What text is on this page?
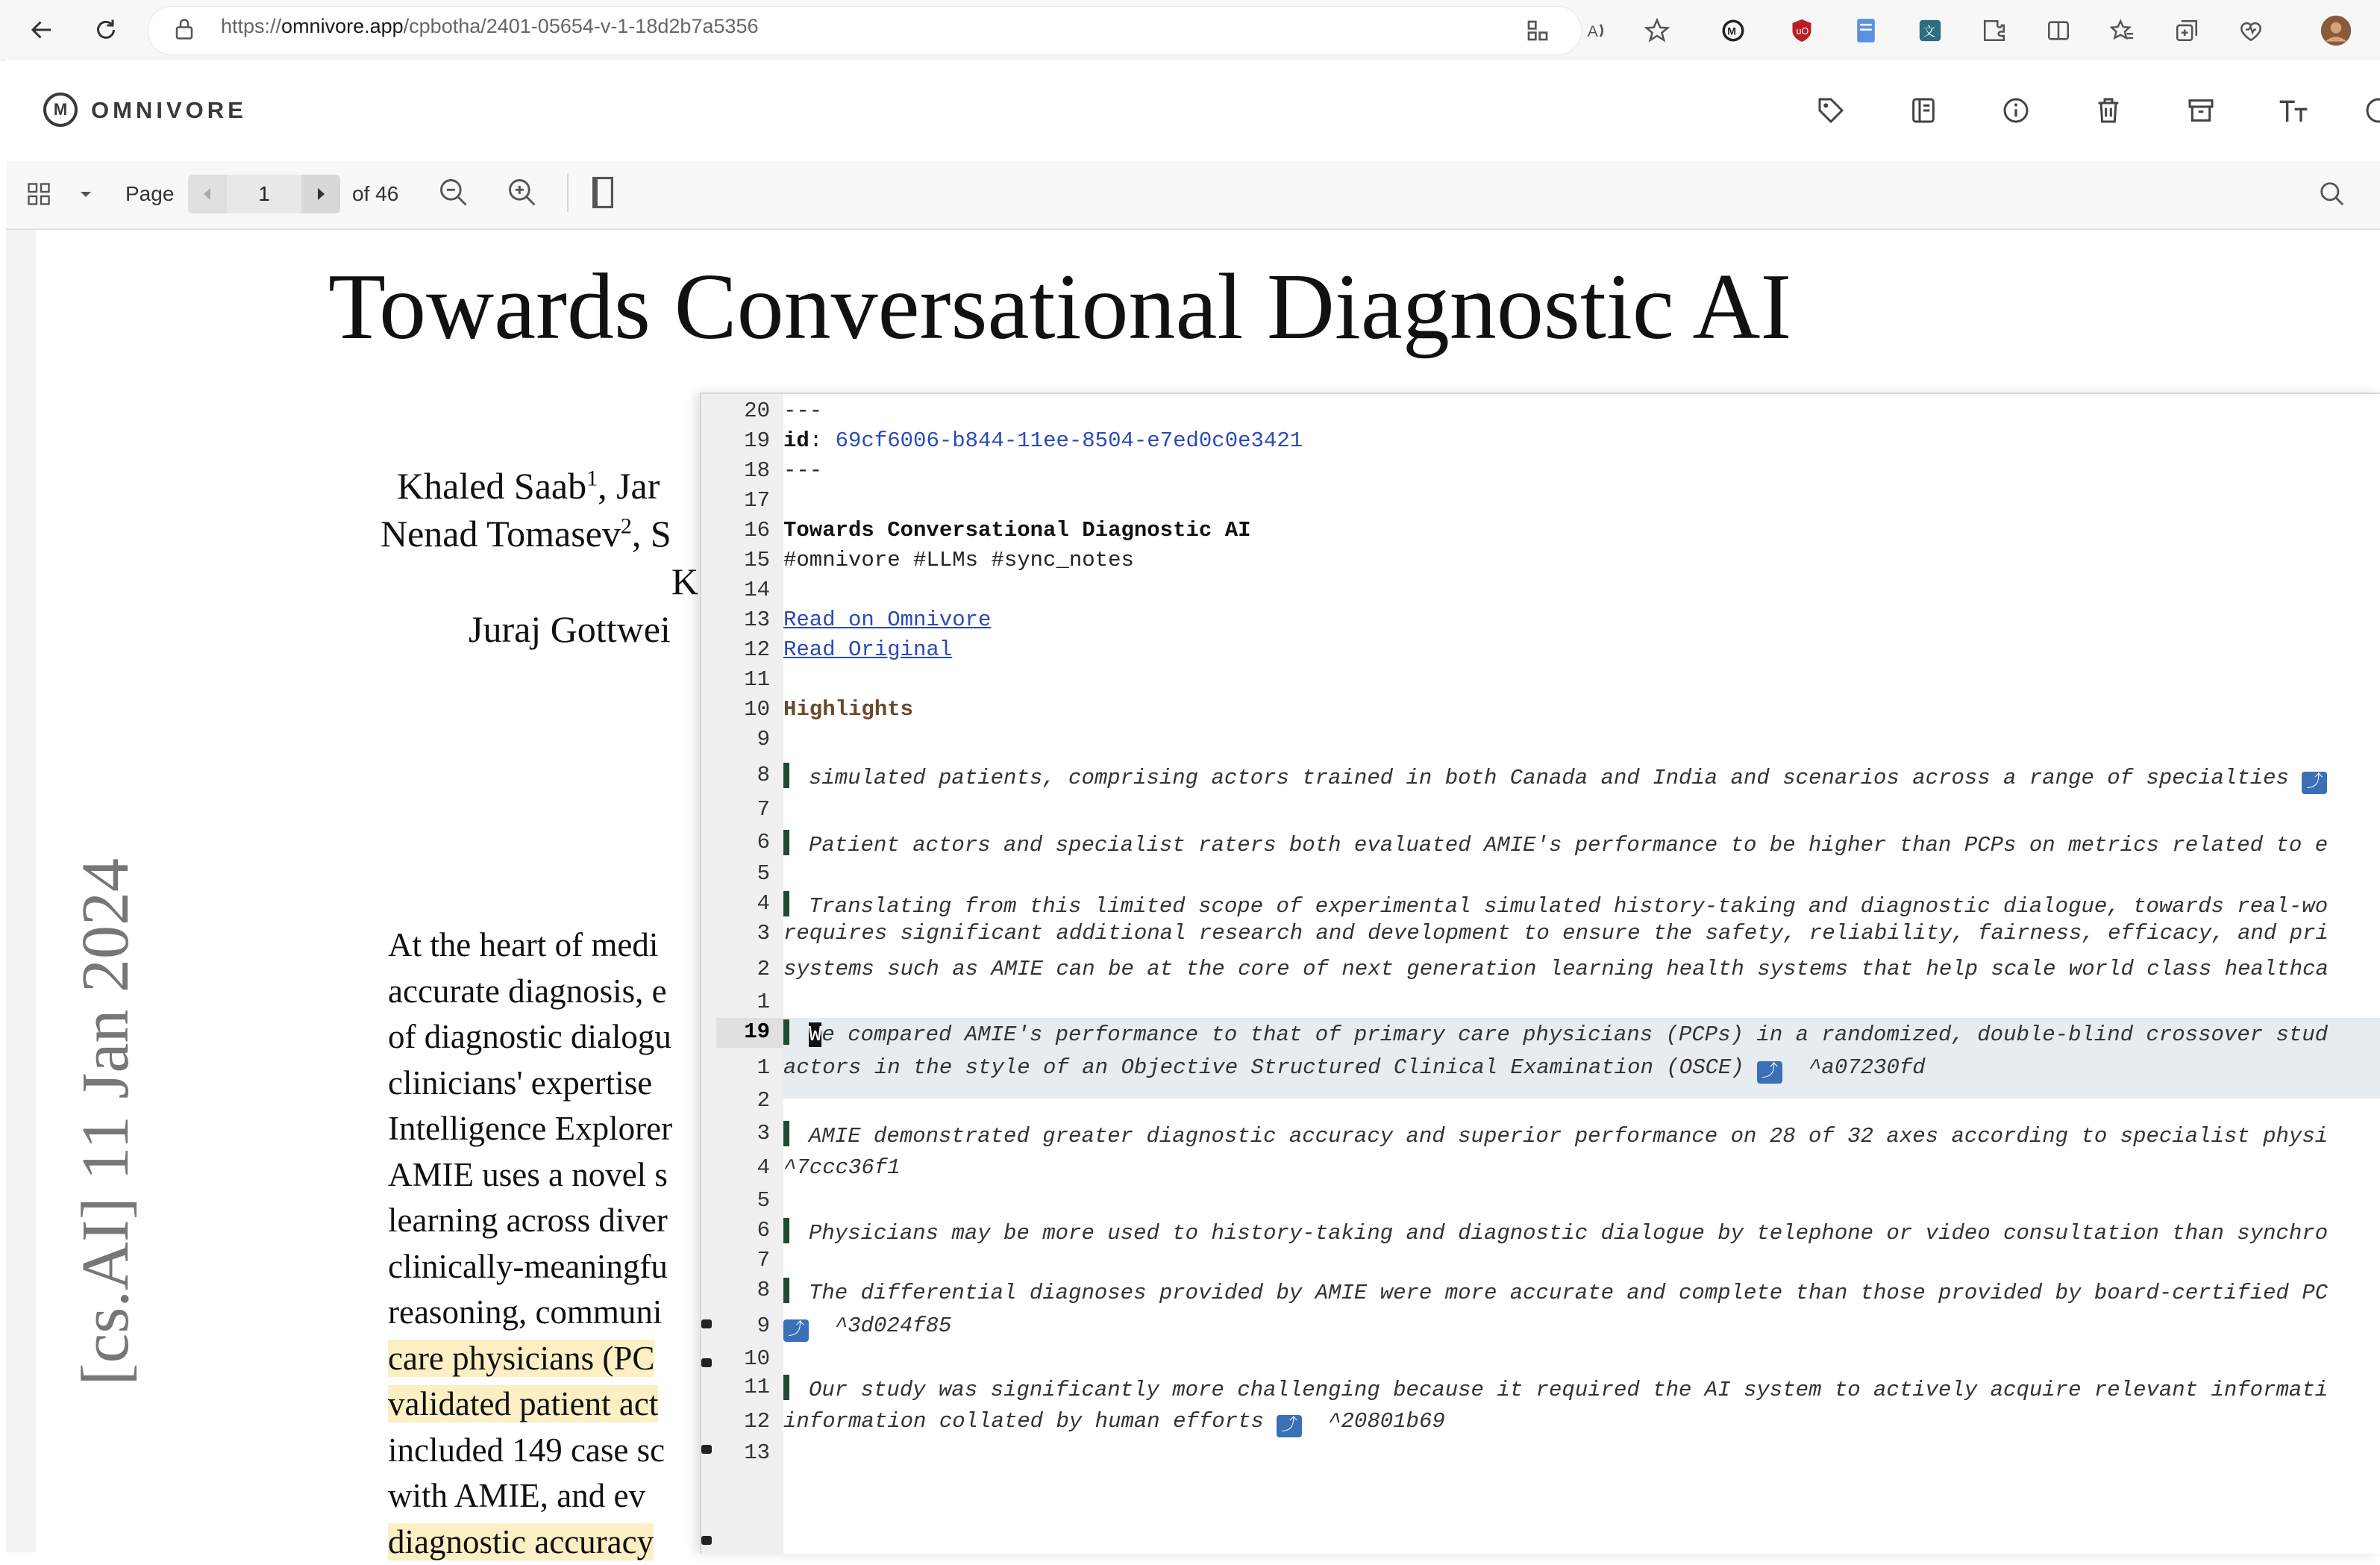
https://omnivore.app/cpbotha/2401-05654-v-1-18d2b7a5356	A	M	uO	文
M	OMNIVORE
Page
1	of 46
Towards Conversational Diagnostic AI
Khaled Saab$^1$, Jar
Nenad Tomasev$^2$, S
K
Juraj Gottwei
[cs.AI] 11 Jan 2024	At the heart of medi
accurate diagnosis, e
of diagnostic dialogu
clinicians' expertise
Intelligence Explorer
AMIE uses a novel s
learning across diver
clinically-meaningfu
reasoning, communi
care physicians (PC
validated patient act
included 149 case sc
with AMIE, and ev
diagnostic accuracy
20
19
18
17
16
15
14
13
12
11
10
9
8
7
6
5
4
3
2
1
19
1
2
3
4
5
6
7
8
9
10
11
12
13
---
id: 69cf6006-b844-11ee-8504-e7ed0c0e3421
---
Towards Conversational Diagnostic AI
#omnivore #LLMs #sync_notes
Read on Omnivore
Read Original
Highlights
simulated patients, comprising actors trained in both Canada and India and scenarios across a range of specialties ⤴
Patient actors and specialist raters both evaluated AMIE's performance to be higher than PCPs on metrics related to e
Translating from this limited scope of experimental simulated history-taking and diagnostic dialogue, towards real-wo
requires significant additional research and development to ensure the safety, reliability, fairness, efficacy, and pri
systems such as AMIE can be at the core of next generation learning health systems that help scale world class healthca
We compared AMIE's performance to that of primary care physicians (PCPs) in a randomized, double-blind crossover stud
actors in the style of an Objective Structured Clinical Examination (OSCE) ⤴ ^a07230fd
AMIE demonstrated greater diagnostic accuracy and superior performance on 28 of 32 axes according to specialist physi
^7ccc36f1
Physicians may be more used to history-taking and diagnostic dialogue by telephone or video consultation than synchro
The differential diagnoses provided by AMIE were more accurate and complete than those provided by board-certified PC
⤴ ^3d024f85
Our study was significantly more challenging because it required the AI system to actively acquire relevant informati
information collated by human efforts ⤴ ^20801b69
